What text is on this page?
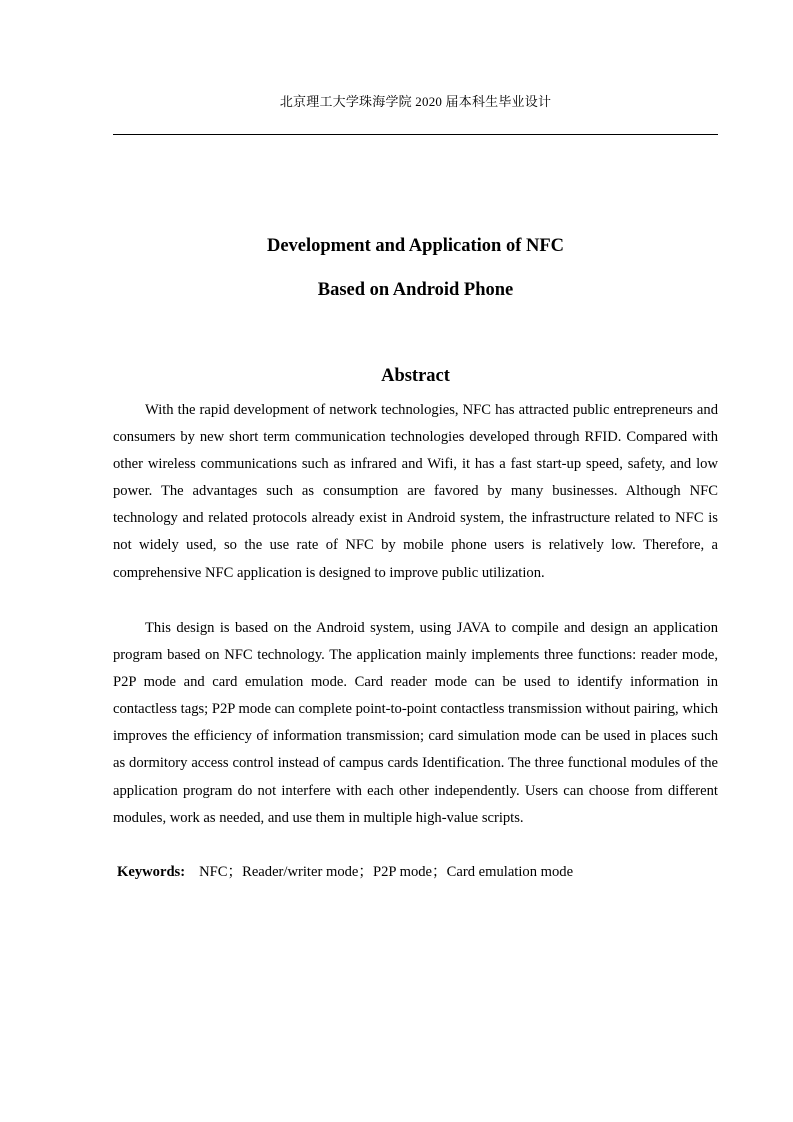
北京理工大学珠海学院 2020 届本科生毕业设计
Development and Application of NFC
Based on Android Phone
Abstract

With the rapid development of network technologies, NFC has attracted public entrepreneurs and consumers by new short term communication technologies developed through RFID. Compared with other wireless communications such as infrared and Wifi, it has a fast start-up speed, safety, and low power. The advantages such as consumption are favored by many businesses. Although NFC technology and related protocols already exist in Android system, the infrastructure related to NFC is not widely used, so the use rate of NFC by mobile phone users is relatively low. Therefore, a comprehensive NFC application is designed to improve public utilization.

This design is based on the Android system, using JAVA to compile and design an application program based on NFC technology. The application mainly implements three functions: reader mode, P2P mode and card emulation mode. Card reader mode can be used to identify information in contactless tags; P2P mode can complete point-to-point contactless transmission without pairing, which improves the efficiency of information transmission; card simulation mode can be used in places such as dormitory access control instead of campus cards Identification. The three functional modules of the application program do not interfere with each other independently. Users can choose from different modules, work as needed, and use them in multiple high-value scripts.

Keywords: NFC；Reader/writer mode；P2P mode；Card emulation mode
